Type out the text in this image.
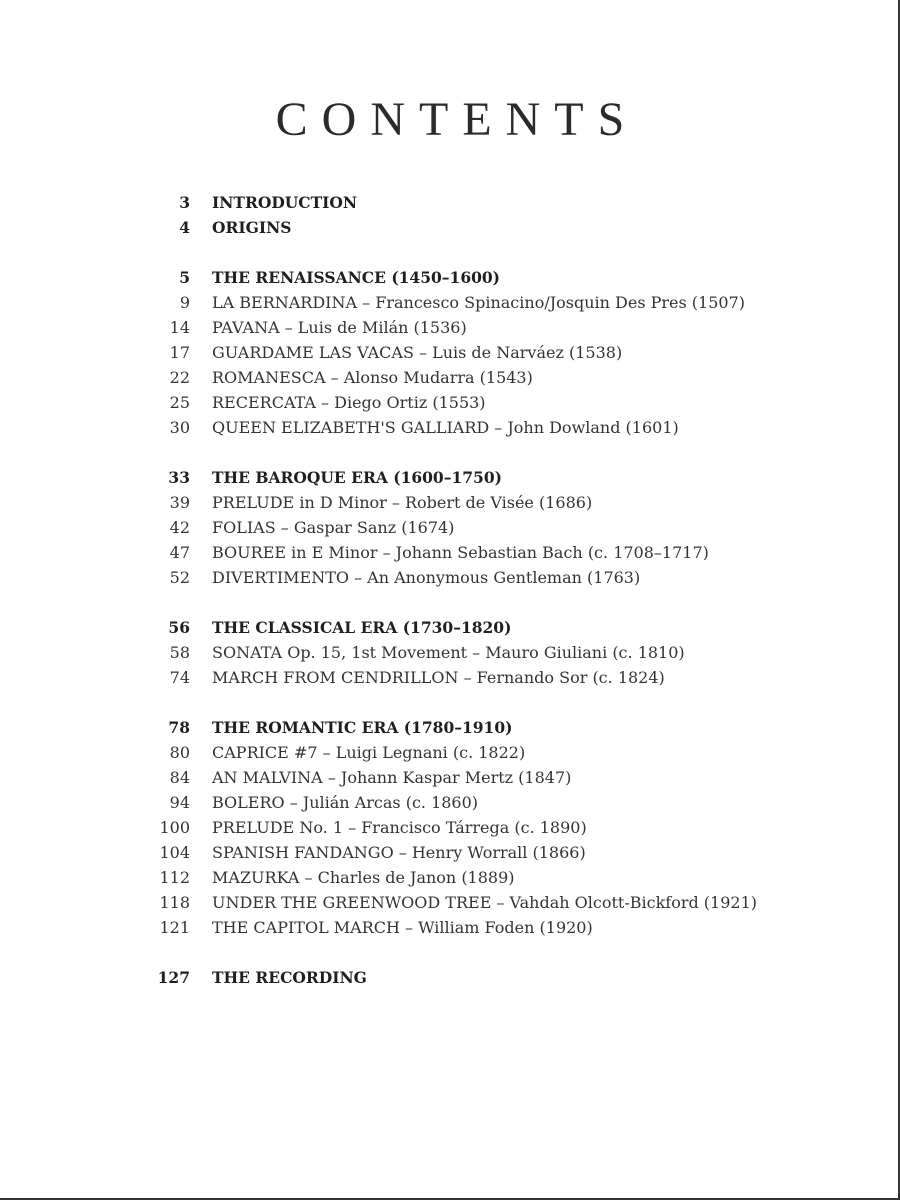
CONTENTS
3	INTRODUCTION
4	ORIGINS
5	THE RENAISSANCE (1450–1600)
9	LA BERNARDINA – Francesco Spinacino/Josquin Des Pres (1507)
14	PAVANA – Luis de Milán (1536)
17	GUARDAME LAS VACAS – Luis de Narváez (1538)
22	ROMANESCA – Alonso Mudarra (1543)
25	RECERCATA – Diego Ortiz (1553)
30	QUEEN ELIZABETH'S GALLIARD – John Dowland (1601)
33	THE BAROQUE ERA (1600–1750)
39	PRELUDE in D Minor – Robert de Visée (1686)
42	FOLIAS – Gaspar Sanz (1674)
47	BOUREE in E Minor – Johann Sebastian Bach (c. 1708–1717)
52	DIVERTIMENTO – An Anonymous Gentleman (1763)
56	THE CLASSICAL ERA (1730–1820)
58	SONATA Op. 15, 1st Movement – Mauro Giuliani (c. 1810)
74	MARCH FROM CENDRILLON – Fernando Sor (c. 1824)
78	THE ROMANTIC ERA (1780–1910)
80	CAPRICE #7 – Luigi Legnani (c. 1822)
84	AN MALVINA – Johann Kaspar Mertz (1847)
94	BOLERO – Julián Arcas (c. 1860)
100	PRELUDE No. 1 – Francisco Tárrega (c. 1890)
104	SPANISH FANDANGO – Henry Worrall (1866)
112	MAZURKA – Charles de Janon (1889)
118	UNDER THE GREENWOOD TREE – Vahdah Olcott-Bickford (1921)
121	THE CAPITOL MARCH – William Foden (1920)
127	THE RECORDING
